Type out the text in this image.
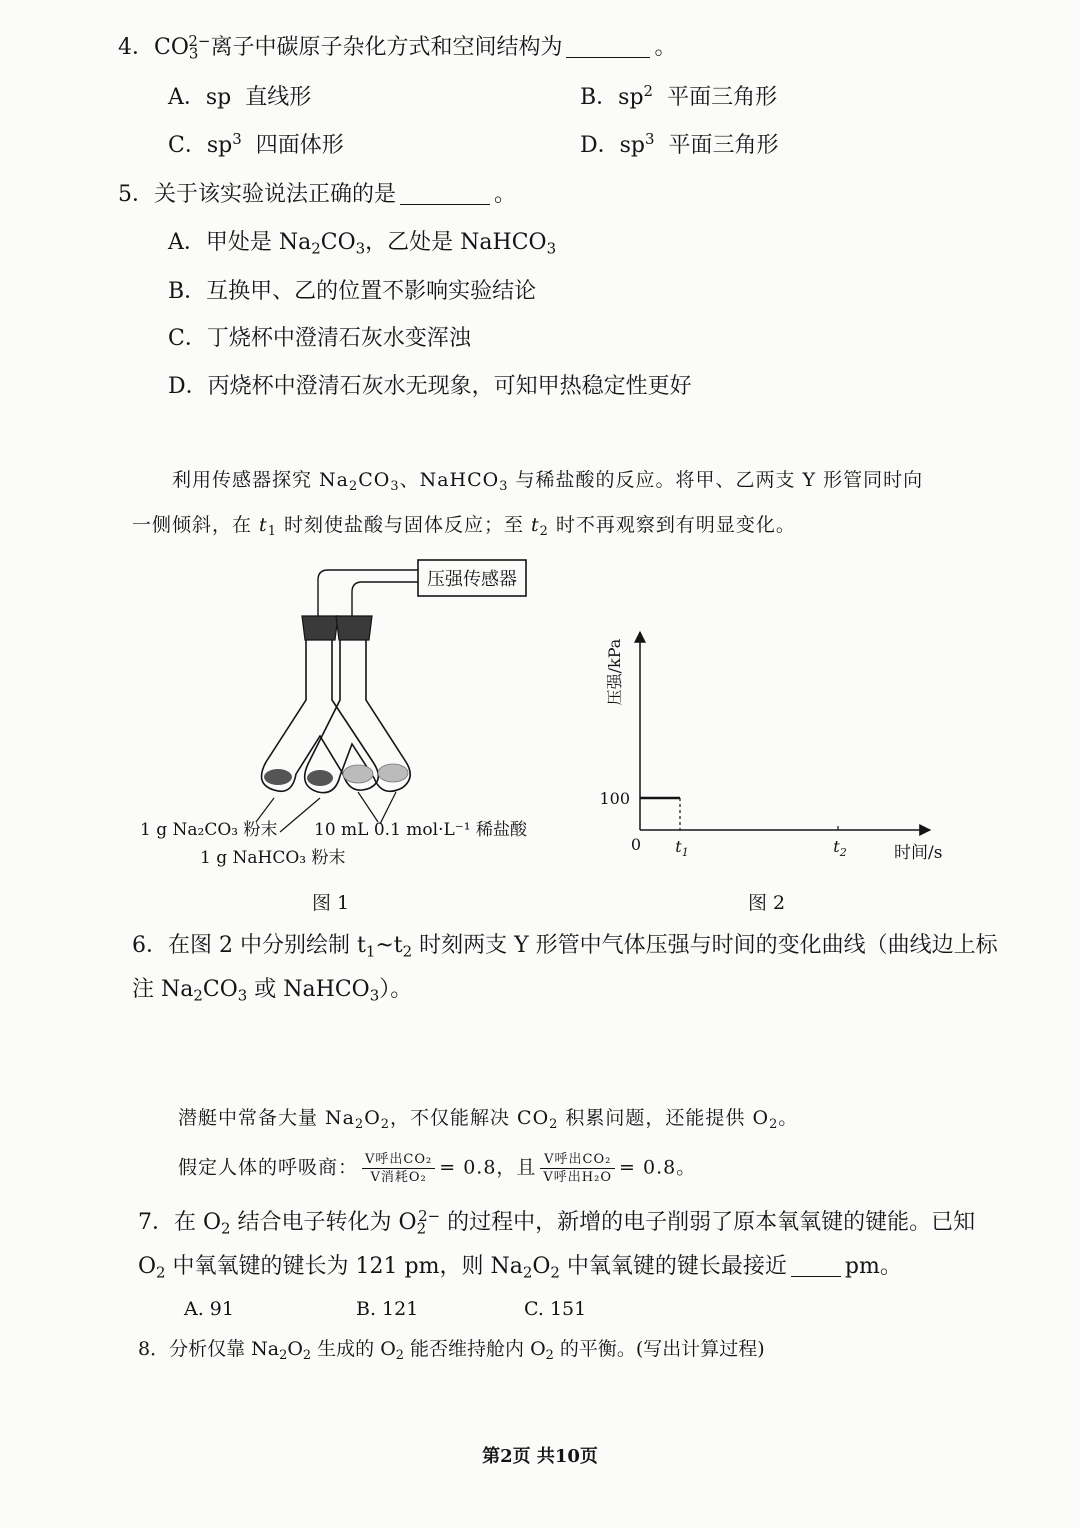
4．$CO_3^{2-}$离子中碳原子杂化方式和空间结构为	。
A．sp 直线形	B．$sp^2$ 平面三角形
C．$sp^3$ 四面体形	D．$sp^3$ 平面三角形
5．关于该实验说法正确的是	。
A．甲处是 $Na_2CO_3$，乙处是 NaHCO$_3$
B．互换甲、乙的位置不影响实验结论
C．丁烧杯中澄清石灰水变浑浊
D．丙烧杯中澄清石灰水无现象，可知甲热稳定性更好
利用传感器探究 $Na_2CO_3$、NaHCO$_3$ 与稀盐酸的反应。将甲、乙两支 Y 形管同时向
一侧倾斜，在 $t_1$ 时刻使盐酸与固体反应；至 $t_2$ 时不再观察到有明显变化。
压强传感器
1 g Na₂CO₃ 粉末 10 mL 0.1 mol·L⁻¹ 稀盐酸
1 g NaHCO₃ 粉末
图 1
压强/kPa
时间/s
0
100
$t_1$	$t_2$
图 2
6．在图 2 中分别绘制 $t_1\sim t_2$ 时刻两支 Y 形管中气体压强与时间的变化曲线（曲线边上标
注 $Na_2CO_3$ 或 NaHCO$_3$）。
潜艇中常备大量 $Na_2O_2$，不仅能解决 $CO_2$ 积累问题，还能提供 $O_2$。
假定人体的呼吸商： $\frac{\text{V呼出CO₂}}{\text{V消耗O₂}} = 0.8$，且 $\frac{\text{V呼出CO₂}}{\text{V呼出H₂O}} = 0.8$。
7．在 $O_2$ 结合电子转化为 $O_2^{2-}$ 的过程中，新增的电子削弱了原本氧氧键的键能。已知
$O_2$ 中氧氧键的键长为 121 pm，则 $Na_2O_2$ 中氧氧键的键长最接近	pm。
A. 91	B. 121	C. 151
8．分析仅靠 $Na_2O_2$ 生成的 $O_2$ 能否维持舱内 $O_2$ 的平衡。(写出计算过程)
第2页 共10页
